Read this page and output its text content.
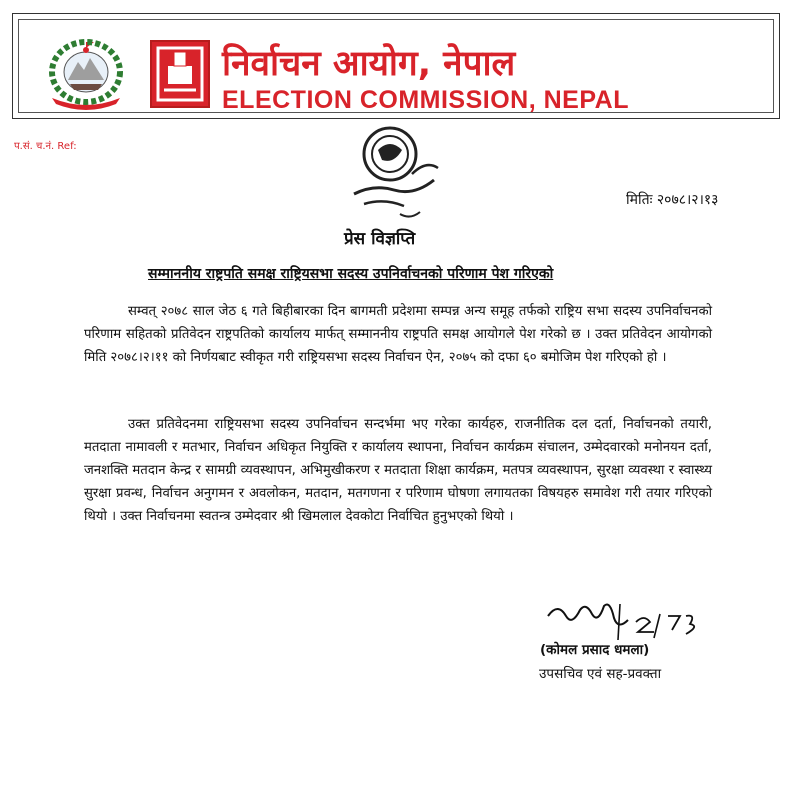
निर्वाचन आयोग, नेपाल
ELECTION COMMISSION, NEPAL
प.सं. च.नं. Ref:
मितिः २०७८।२।१३
प्रेस विज्ञप्ति
सम्माननीय राष्ट्रपति समक्ष राष्ट्रियसभा सदस्य उपनिर्वाचनको परिणाम पेश गरिएको

सम्वत् २०७८ साल जेठ ६ गते बिहीबारका दिन बागमती प्रदेशमा सम्पन्न अन्य समूह तर्फको राष्ट्रिय सभा सदस्य उपनिर्वाचनको परिणाम सहितको प्रतिवेदन राष्ट्रपतिको कार्यालय मार्फत् सम्माननीय राष्ट्रपति समक्ष आयोगले पेश गरेको छ । उक्त प्रतिवेदन आयोगको मिति २०७८।२।११ को निर्णयबाट स्वीकृत गरी राष्ट्रियसभा सदस्य निर्वाचन ऐन, २०७५ को दफा ६० बमोजिम पेश गरिएको हो ।

उक्त प्रतिवेदनमा राष्ट्रियसभा सदस्य उपनिर्वाचन सन्दर्भमा भए गरेका कार्यहरु, राजनीतिक दल दर्ता, निर्वाचनको तयारी, मतदाता नामावली र मतभार, निर्वाचन अधिकृत नियुक्ति र कार्यालय स्थापना, निर्वाचन कार्यक्रम संचालन, उम्मेदवारको मनोनयन दर्ता, जनशक्ति मतदान केन्द्र र सामग्री व्यवस्थापन, अभिमुखीकरण र मतदाता शिक्षा कार्यक्रम, मतपत्र व्यवस्थापन, सुरक्षा व्यवस्था र स्वास्थ्य सुरक्षा प्रवन्ध, निर्वाचन अनुगमन र अवलोकन, मतदान, मतगणना र परिणाम घोषणा लगायतका विषयहरु समावेश गरी तयार गरिएको थियो । उक्त निर्वाचनमा स्वतन्त्र उम्मेदवार श्री खिमलाल देवकोटा निर्वाचित हुनुभएको थियो ।

(कोमल प्रसाद धमला)
उपसचिव एवं सह-प्रवक्ता
